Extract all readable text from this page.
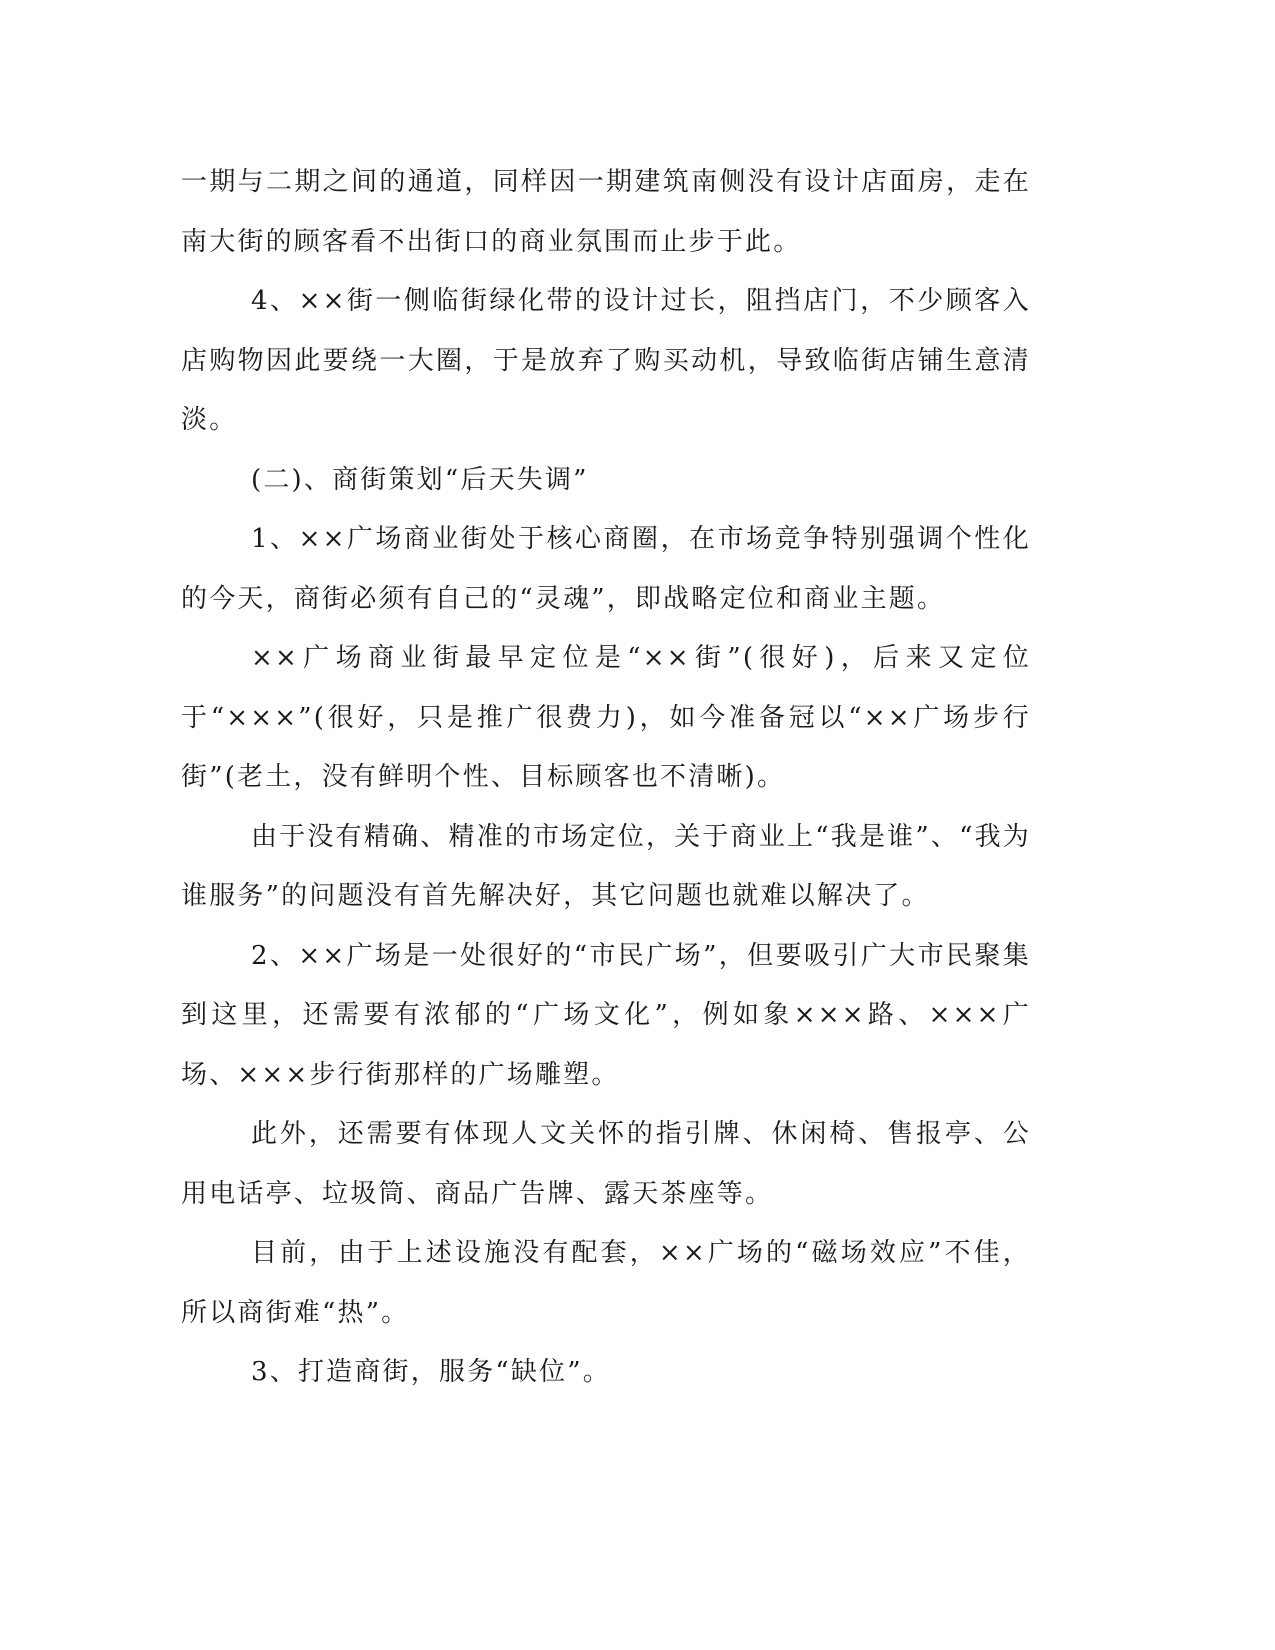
一期与二期之间的通道，同样因一期建筑南侧没有设计店面房，走在南大街的顾客看不出街口的商业氛围而止步于此。

4、××街一侧临街绿化带的设计过长，阻挡店门，不少顾客入店购物因此要绕一大圈，于是放弃了购买动机，导致临街店铺生意清淡。

(二)、商街策划“后天失调”

1、××广场商业街处于核心商圈，在市场竞争特别强调个性化的今天，商街必须有自己的“灵魂”，即战略定位和商业主题。

××广场商业街最早定位是“××街”(很好)，后来又定位于“×××”(很好，只是推广很费力)，如今准备冠以“××广场步行街”(老土，没有鲜明个性、目标顾客也不清晰)。

由于没有精确、精准的市场定位，关于商业上“我是谁”、“我为谁服务”的问题没有首先解决好，其它问题也就难以解决了。

2、××广场是一处很好的“市民广场”，但要吸引广大市民聚集到这里，还需要有浓郁的“广场文化”，例如象×××路、×××广场、×××步行街那样的广场雕塑。

此外，还需要有体现人文关怀的指引牌、休闲椅、售报亭、公用电话亭、垃圾筒、商品广告牌、露天茶座等。

目前，由于上述设施没有配套，××广场的“磁场效应”不佳，所以商街难“热”。

3、打造商街，服务“缺位”。
